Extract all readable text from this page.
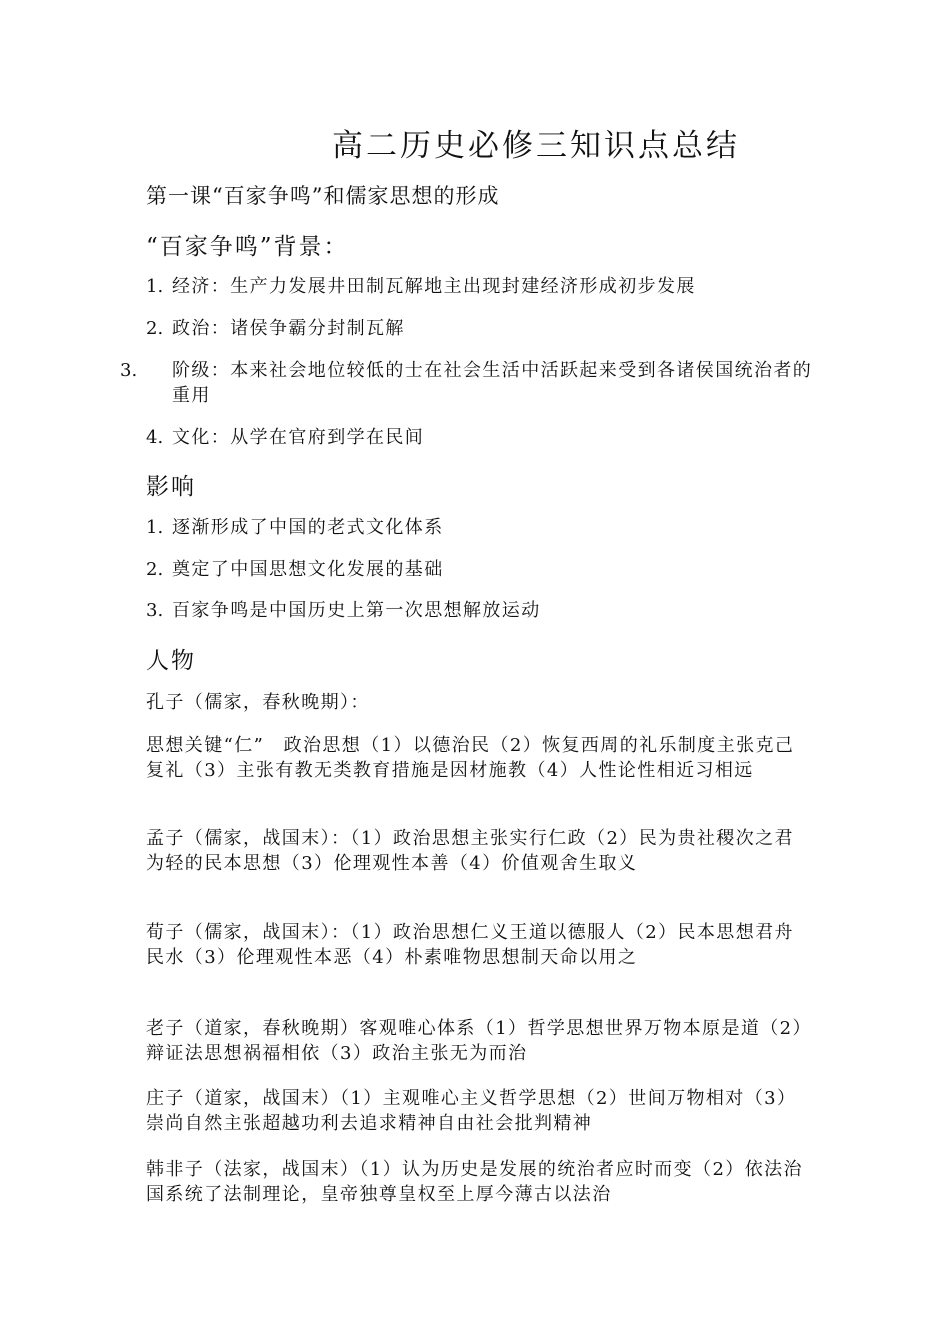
高二历史必修三知识点总结
第一课“百家争鸣”和儒家思想的形成
“百家争鸣”背景：
1. 经济：生产力发展井田制瓦解地主出现封建经济形成初步发展
2. 政治：诸侯争霸分封制瓦解
3. 阶级：本来社会地位较低的士在社会生活中活跃起来受到各诸侯国统治者的重用
4. 文化：从学在官府到学在民间
影响
1. 逐渐形成了中国的老式文化体系
2. 奠定了中国思想文化发展的基础
3. 百家争鸣是中国历史上第一次思想解放运动
人物
孔子（儒家，春秋晚期）：
思想关键“仁”　政治思想（1）以德治民（2）恢复西周的礼乐制度主张克己复礼（3）主张有教无类教育措施是因材施教（4）人性论性相近习相远
孟子（儒家，战国末）：（1）政治思想主张实行仁政（2）民为贵社稷次之君为轻的民本思想（3）伦理观性本善（4）价值观舍生取义
荀子（儒家，战国末）：（1）政治思想仁义王道以德服人（2）民本思想君舟民水（3）伦理观性本恶（4）朴素唯物思想制天命以用之
老子（道家，春秋晚期）客观唯心体系（1）哲学思想世界万物本原是道（2）辩证法思想祸福相依（3）政治主张无为而治
庄子（道家，战国末）（1）主观唯心主义哲学思想（2）世间万物相对（3）崇尚自然主张超越功利去追求精神自由社会批判精神
韩非子（法家，战国末）（1）认为历史是发展的统治者应时而变（2）依法治国系统了法制理论，皇帝独尊皇权至上厚今薄古以法治
